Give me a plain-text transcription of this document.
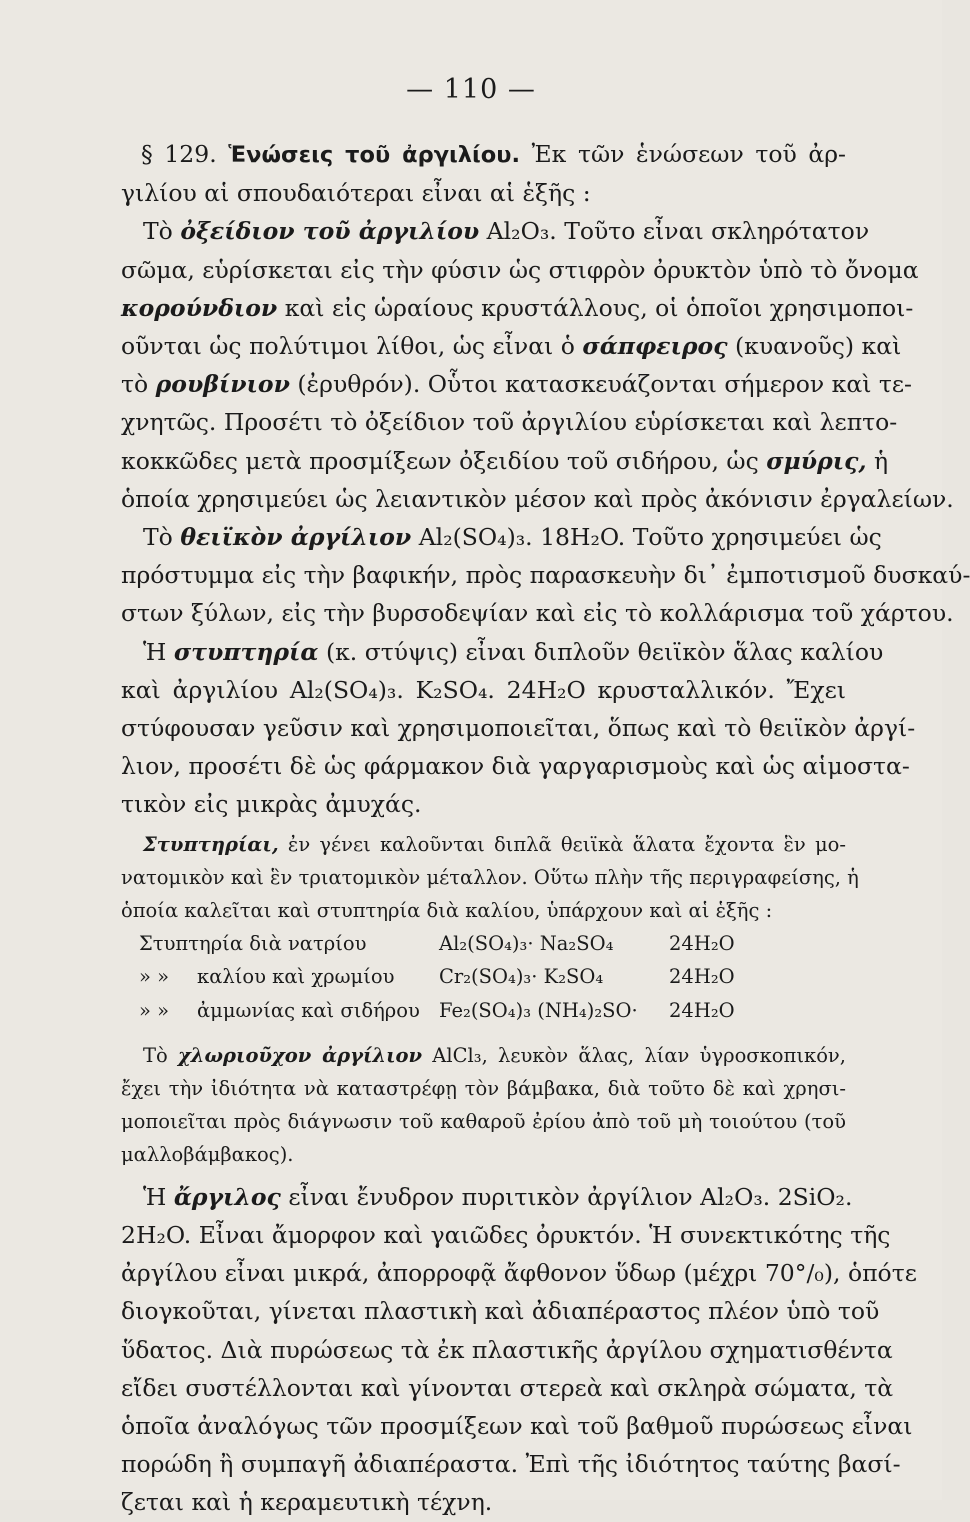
— 110 —
§ 129. Ἑνώσεις τοῦ ἀργιλίου. Ἐκ τῶν ἑνώσεων τοῦ ἀρ-
γιλίου αἱ σπουδαιότεραι εἶναι αἱ ἑξῆς :
Τὸ ὀξείδιον τοῦ ἀργιλίου Al₂O₃. Τοῦτο εἶναι σκληρότατον
σῶμα, εὑρίσκεται εἰς τὴν φύσιν ὡς στιφρὸν ὀρυκτὸν ὑπὸ τὸ ὄνομα
κορούνδιον καὶ εἰς ὡραίους κρυστάλλους, οἱ ὁποῖοι χρησιμοποι-
οῦνται ὡς πολύτιμοι λίθοι, ὡς εἶναι ὁ σάπφειρος (κυανοῦς) καὶ
τὸ ρουβίνιον (ἐρυθρόν). Οὗτοι κατασκευάζονται σήμερον καὶ τε-
χνητῶς. Προσέτι τὸ ὀξείδιον τοῦ ἀργιλίου εὑρίσκεται καὶ λεπτο-
κοκκῶδες μετὰ προσμίξεων ὀξειδίου τοῦ σιδήρου, ὡς σμύρις, ἡ
ὁποία χρησιμεύει ὡς λειαντικὸν μέσον καὶ πρὸς ἀκόνισιν ἐργαλείων.
Τὸ θειϊκὸν ἀργίλιον Al₂(SO₄)₃. 18H₂O. Τοῦτο χρησιμεύει ὡς
πρόστυμμα εἰς τὴν βαφικήν, πρὸς παρασκευὴν δι᾽ ἐμποτισμοῦ δυσκαύ-
στων ξύλων, εἰς τὴν βυρσοδεψίαν καὶ εἰς τὸ κολλάρισμα τοῦ χάρτου.
Ἡ στυπτηρία (κ. στύψις) εἶναι διπλοῦν θειϊκὸν ἅλας καλίου
καὶ ἀργιλίου Al₂(SO₄)₃. K₂SO₄. 24H₂O κρυσταλλικόν. Ἔχει
στύφουσαν γεῦσιν καὶ χρησιμοποιεῖται, ὅπως καὶ τὸ θειϊκὸν ἀργί-
λιον, προσέτι δὲ ὡς φάρμακον διὰ γαργαρισμοὺς καὶ ὡς αἱμοστα-
τικὸν εἰς μικρὰς ἀμυχάς.
Στυπτηρίαι, ἐν γένει καλοῦνται διπλᾶ θειϊκὰ ἅλατα ἔχοντα ἓν μο-
νατομικὸν καὶ ἓν τριατομικὸν μέταλλον. Οὕτω πλὴν τῆς περιγραφείσης, ἡ
ὁποία καλεῖται καὶ στυπτηρία διὰ καλίου, ὑπάρχουν καὶ αἱ ἑξῆς :
Στυπτηρία διὰ νατρίου	Al₂(SO₄)₃· Na₂SO₄	24H₂O
» » καλίου καὶ χρωμίου	Cr₂(SO₄)₃· K₂SO₄	24H₂O
» » ἀμμωνίας καὶ σιδήρου Fe₂(SO₄)₃ (NH₄)₂SO·	24H₂O
Τὸ χλωριοῦχον ἀργίλιον AlCl₃, λευκὸν ἅλας, λίαν ὑγροσκοπικόν,
ἔχει τὴν ἰδιότητα νὰ καταστρέφῃ τὸν βάμβακα, διὰ τοῦτο δὲ καὶ χρησι-
μοποιεῖται πρὸς διάγνωσιν τοῦ καθαροῦ ἐρίου ἀπὸ τοῦ μὴ τοιούτου (τοῦ
μαλλοβάμβακος).
Ἡ ἄργιλος εἶναι ἔνυδρον πυριτικὸν ἀργίλιον Al₂O₃. 2SiO₂.
2H₂O. Εἶναι ἄμορφον καὶ γαιῶδες ὀρυκτόν. Ἡ συνεκτικότης τῆς
ἀργίλου εἶναι μικρά, ἀπορροφᾷ ἄφθονον ὕδωρ (μέχρι 70°/₀), ὁπότε
διογκοῦται, γίνεται πλαστικὴ καὶ ἀδιαπέραστος πλέον ὑπὸ τοῦ
ὕδατος. Διὰ πυρώσεως τὰ ἐκ πλαστικῆς ἀργίλου σχηματισθέντα
εἴδει συστέλλονται καὶ γίνονται στερεὰ καὶ σκληρὰ σώματα, τὰ
ὁποῖα ἀναλόγως τῶν προσμίξεων καὶ τοῦ βαθμοῦ πυρώσεως εἶναι
πορώδη ἢ συμπαγῆ ἀδιαπέραστα. Ἐπὶ τῆς ἰδιότητος ταύτης βασί-
ζεται καὶ ἡ κεραμευτικὴ τέχνη.
